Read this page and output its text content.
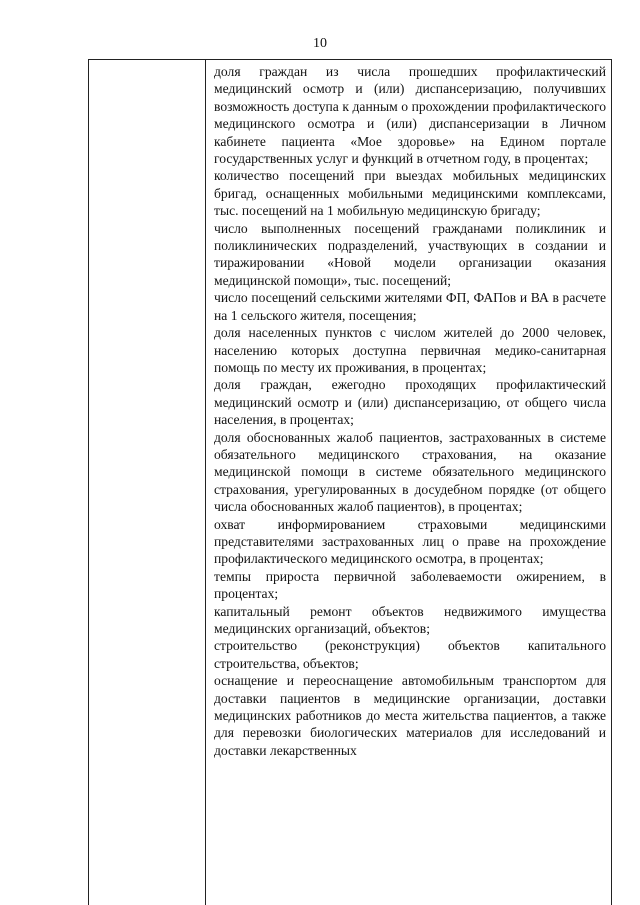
10

доля граждан из числа прошедших профилактический медицинский осмотр и (или) диспансеризацию, получивших возможность доступа к данным о прохождении профилактического медицинского осмотра и (или) диспансеризации в Личном кабинете пациента «Мое здоровье» на Едином портале государственных услуг и функций в отчетном году, в процентах;

количество посещений при выездах мобильных медицинских бригад, оснащенных мобильными медицинскими комплексами, тыс. посещений на 1 мобильную медицинскую бригаду;

число выполненных посещений гражданами поликлиник и поликлинических подразделений, участвующих в создании и тиражировании «Новой модели организации оказания медицинской помощи», тыс. посещений;

число посещений сельскими жителями ФП, ФАПов и ВА в расчете на 1 сельского жителя, посещения;

доля населенных пунктов с числом жителей до 2000 человек, населению которых доступна первичная медико-санитарная помощь по месту их проживания, в процентах;

доля граждан, ежегодно проходящих профилактический медицинский осмотр и (или) диспансеризацию, от общего числа населения, в процентах;

доля обоснованных жалоб пациентов, застрахованных в системе обязательного медицинского страхования, на оказание медицинской помощи в системе обязательного медицинского страхования, урегулированных в досудебном порядке (от общего числа обоснованных жалоб пациентов), в процентах;

охват информированием страховыми медицинскими представителями застрахованных лиц о праве на прохождение профилактического медицинского осмотра, в процентах;

темпы прироста первичной заболеваемости ожирением, в процентах;

капитальный ремонт объектов недвижимого имущества медицинских организаций, объектов;

строительство (реконструкция) объектов капитального строительства, объектов;

оснащение и переоснащение автомобильным транспортом для доставки пациентов в медицинские организации, доставки медицинских работников до места жительства пациентов, а также для перевозки биологических материалов для исследований и доставки лекарственных
